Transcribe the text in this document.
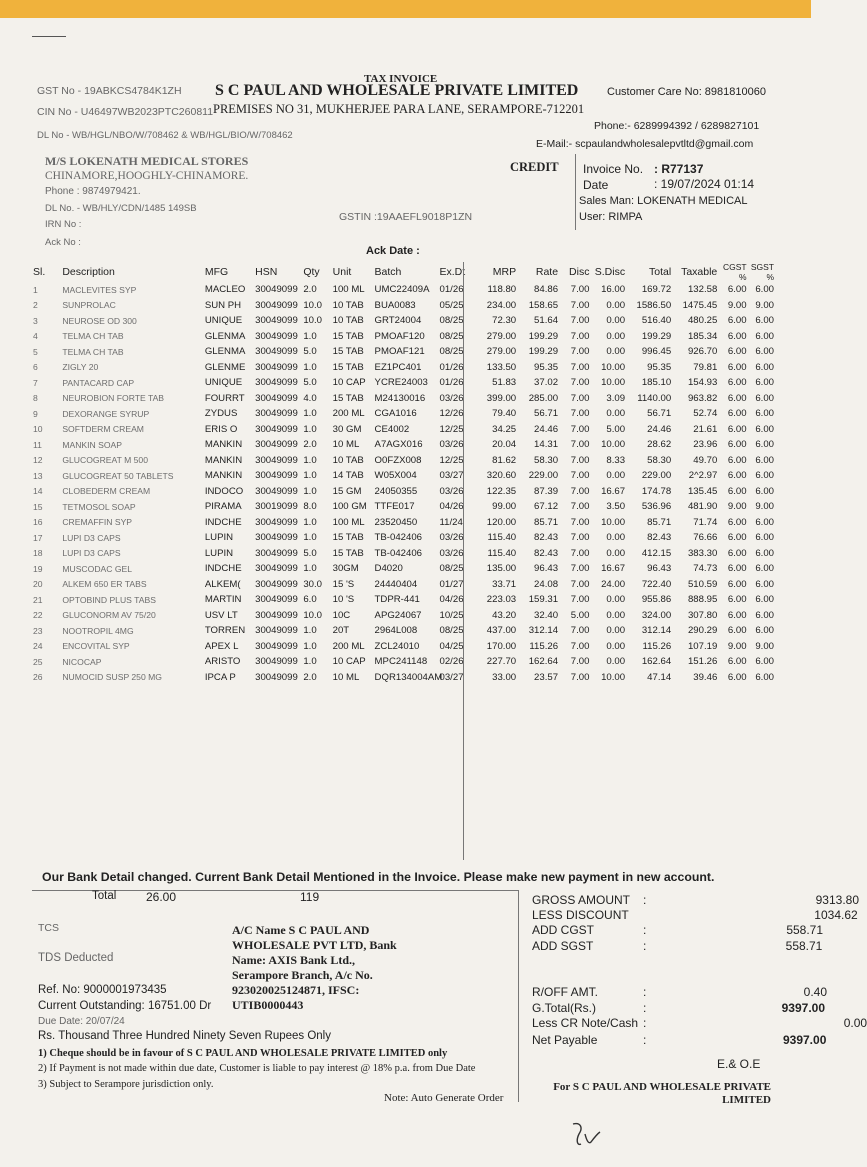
TAX INVOICE
S C PAUL AND WHOLESALE PRIVATE LIMITED
PREMISES NO 31, MUKHERJEE PARA LANE, SERAMPORE-712201
GST No - 19ABKCS4784K1ZH
CIN No - U46497WB2023PTC260811
DL No - WB/HGL/NBO/W/708462 & WB/HGL/BIO/W/708462
Customer Care No: 8981810060
Phone:- 6289994392 / 6289827101
E-Mail:- scpaulandwholesalepvtltd@gmail.com
M/S LOKENATH MEDICAL STORES
CHINAMORE,HOOGHLY-CHINAMORE.
Phone : 9874979421.
DL No. - WB/HLY/CDN/1485 149SB
GSTIN :19AAEFL9018P1ZN
IRN No :
Ack No :
Ack Date :
CREDIT Invoice No. : R77137
Date	: 19/07/2024 01:14
Sales Man: LOKENATH MEDICAL
User: RIMPA
Sl.	Description	MFG	HSN	Qty	Unit	Batch	Ex.Dt	MRP	Rate	Disc	S.Disc	Total	Taxable	CGST %	SGST %
1	MACLEVITES SYP	MACLEO	30049099	2.0	100 ML	UMC22409A	01/26	118.80	84.86	7.00	16.00	169.72	132.58	6.00	6.00
2	SUNPROLAC	SUN PH	30049099	10.0	10 TAB	BUA0083	05/25	234.00	158.65	7.00	0.00	1586.50	1475.45	9.00	9.00
3	NEUROSE OD 300	UNIQUE	30049099	10.0	10 TAB	GRT24004	08/25	72.30	51.64	7.00	0.00	516.40	480.25	6.00	6.00
4	TELMA CH TAB	GLENMA	30049099	1.0	15 TAB	PMOAF120	08/25	279.00	199.29	7.00	0.00	199.29	185.34	6.00	6.00
5	TELMA CH TAB	GLENMA	30049099	5.0	15 TAB	PMOAF121	08/25	279.00	199.29	7.00	0.00	996.45	926.70	6.00	6.00
6	ZIGLY 20	GLENME	30049099	1.0	15 TAB	EZ1PC401	01/26	133.50	95.35	7.00	10.00	95.35	79.81	6.00	6.00
7	PANTACARD CAP	UNIQUE	30049099	5.0	10 CAP	YCRE24003	01/26	51.83	37.02	7.00	10.00	185.10	154.93	6.00	6.00
8	NEUROBION FORTE TAB	FOURRT	30049099	4.0	15 TAB	M24130016	03/26	399.00	285.00	7.00	3.09	1140.00	963.82	6.00	6.00
9	DEXORANGE SYRUP	ZYDUS	30049099	1.0	200 ML	CGA1016	12/26	79.40	56.71	7.00	0.00	56.71	52.74	6.00	6.00
10	SOFTDERM CREAM	ERIS O	30049099	1.0	30 GM	CE4002	12/25	34.25	24.46	7.00	5.00	24.46	21.61	6.00	6.00
11	MANKIN SOAP	MANKIN	30049099	2.0	10 ML	A7AGX016	03/26	20.04	14.31	7.00	10.00	28.62	23.96	6.00	6.00
12	GLUCOGREAT M 500	MANKIN	30049099	1.0	10 TAB	O0FZX008	12/25	81.62	58.30	7.00	8.33	58.30	49.70	6.00	6.00
13	GLUCOGREAT 50 TABLETS	MANKIN	30049099	1.0	14 TAB	W05X004	03/27	320.60	229.00	7.00	0.00	229.00	2^2.97	6.00	6.00
14	CLOBEDERM CREAM	INDOCO	30049099	1.0	15 GM	24050355	03/26	122.35	87.39	7.00	16.67	174.78	135.45	6.00	6.00
15	TETMOSOL SOAP	PIRAMA	30019099	8.0	100 GM	TTFE017	04/26	99.00	67.12	7.00	3.50	536.96	481.90	9.00	9.00
16	CREMAFFIN SYP	INDCHE	30049099	1.0	100 ML	23520450	11/24	120.00	85.71	7.00	10.00	85.71	71.74	6.00	6.00
17	LUPI D3 CAPS	LUPIN	30049099	1.0	15 TAB	TB-042406	03/26	115.40	82.43	7.00	0.00	82.43	76.66	6.00	6.00
18	LUPI D3 CAPS	LUPIN	30049099	5.0	15 TAB	TB-042406	03/26	115.40	82.43	7.00	0.00	412.15	383.30	6.00	6.00
19	MUSCODAC GEL	INDCHE	30049099	1.0	30GM	D4020	08/25	135.00	96.43	7.00	16.67	96.43	74.73	6.00	6.00
20	ALKEM 650 ER TABS	ALKEM(	30049099	30.0	15 'S	24440404	01/27	33.71	24.08	7.00	24.00	722.40	510.59	6.00	6.00
21	OPTOBIND PLUS TABS	MARTIN	30049099	6.0	10 'S	TDPR-441	04/26	223.03	159.31	7.00	0.00	955.86	888.95	6.00	6.00
22	GLUCONORM AV 75/20	USV LT	30049099	10.0	10C	APG24067	10/25	43.20	32.40	5.00	0.00	324.00	307.80	6.00	6.00
23	NOOTROPIL 4MG	TORREN	30049099	1.0	20T	2964L008	08/25	437.00	312.14	7.00	0.00	312.14	290.29	6.00	6.00
24	ENCOVITAL SYP	APEX L	30049099	1.0	200 ML	ZCL24010	04/25	170.00	115.26	7.00	0.00	115.26	107.19	9.00	9.00
25	NICOCAP	ARISTO	30049099	1.0	10 CAP	MPC241148	02/26	227.70	162.64	7.00	0.00	162.64	151.26	6.00	6.00
26	NUMOCID SUSP 250 MG	IPCA P	30049099	2.0	10 ML	DQR134004AM	03/27	33.00	23.57	7.00	10.00	47.14	39.46	6.00	6.00
Our Bank Detail changed. Current Bank Detail Mentioned in the Invoice. Please make new payment in new account.
Total 26.00	119
TCS
TDS Deducted
Ref. No: 9000001973435
Current Outstanding: 16751.00 Dr
Due Date: 20/07/24
Rs. Thousand Three Hundred Ninety Seven Rupees Only
A/C Name S C PAUL AND WHOLESALE PVT LTD, Bank Name: AXIS Bank Ltd., Serampore Branch, A/c No. 923020025124871, IFSC: UTIB0000443
1) Cheque should be in favour of S C PAUL AND WHOLESALE PRIVATE LIMITED only
2) If Payment is not made within due date, Customer is liable to pay interest @ 18% p.a. from Due Date
3) Subject to Serampore jurisdiction only.
Note: Auto Generate Order
GROSS AMOUNT :	9313.80
LESS DISCOUNT	1034.62
ADD CGST	:	558.71
ADD SGST	:	558.71
R/OFF AMT.	:	0.40
G.Total(Rs.)	:	9397.00
Less CR Note/Cash :	0.00
Net Payable	:	9397.00
E.& O.E
For S C PAUL AND WHOLESALE PRIVATE LIMITED
